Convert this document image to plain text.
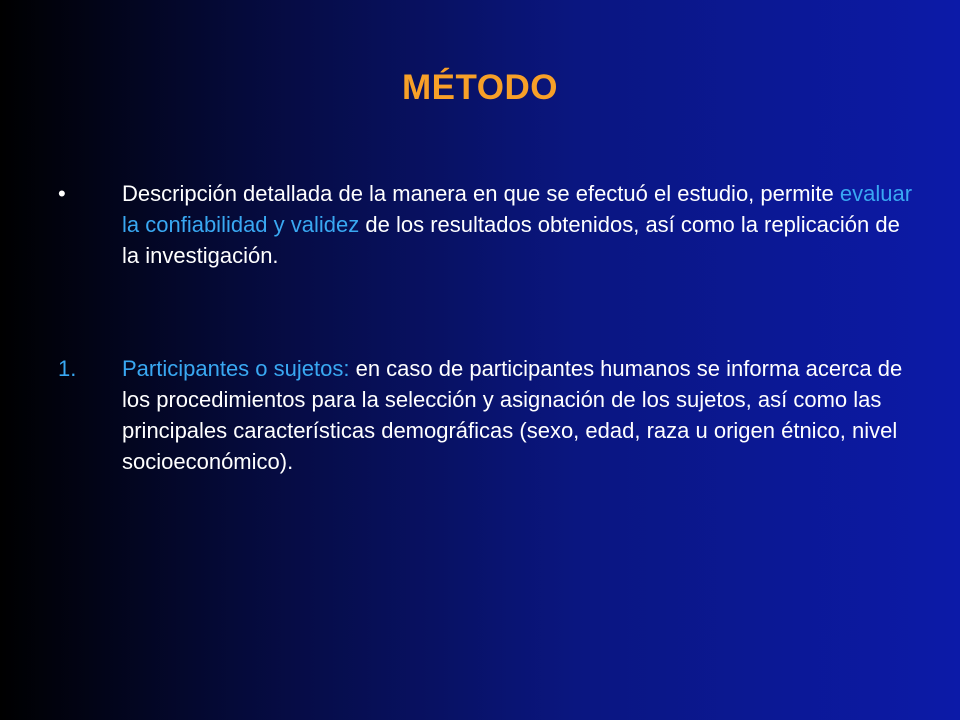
MÉTODO
•	Descripción detallada de la manera en que se efectuó el estudio, permite evaluar la confiabilidad y validez de los resultados obtenidos, así como la replicación de la investigación.
1. Participantes o sujetos: en caso de participantes humanos se informa acerca de los procedimientos para la selección y asignación de los sujetos, así como las principales características demográficas (sexo, edad, raza u origen étnico, nivel socioeconómico).
